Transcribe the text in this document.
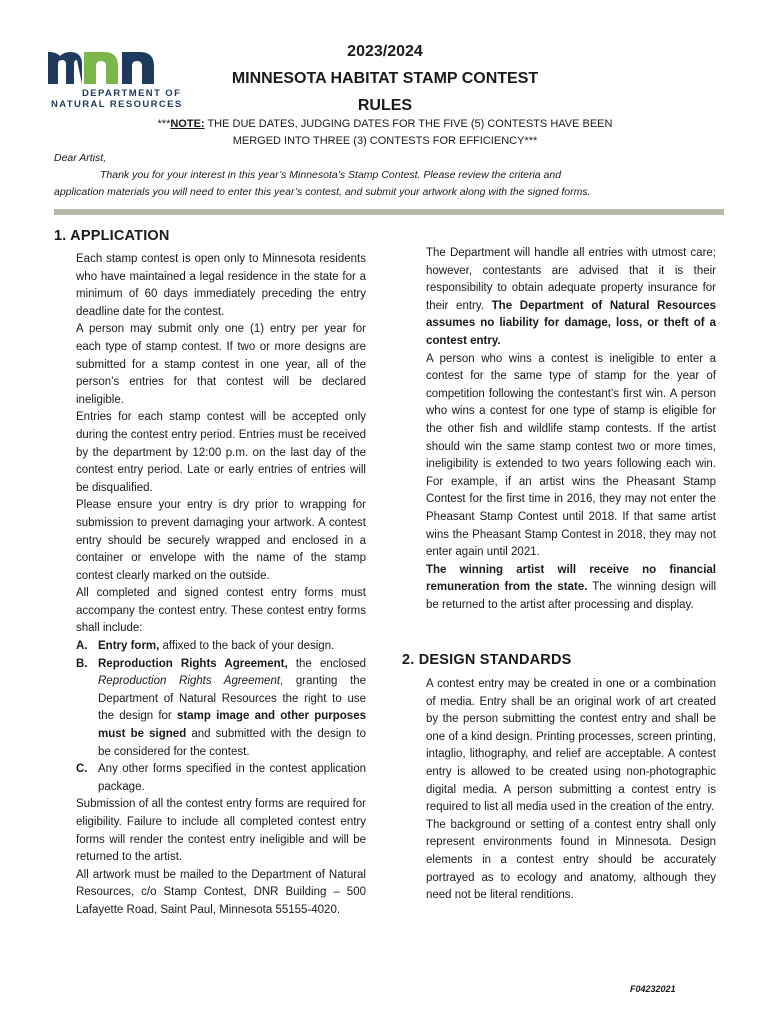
DEPARTMENT OF
NATURAL RESOURCES
2023/2024
MINNESOTA HABITAT STAMP CONTEST
RULES
***NOTE: THE DUE DATES, JUDGING DATES FOR THE FIVE (5) CONTESTS HAVE BEEN
MERGED INTO THREE (3) CONTESTS FOR EFFICIENCY***
Dear Artist,
Thank you for your interest in this year’s Minnesota’s Stamp Contest. Please review the criteria and
application materials you will need to enter this year’s contest, and submit your artwork along with the signed forms.
1. APPLICATION

Each stamp contest is open only to Minnesota residents who have maintained a legal residence in the state for a minimum of 60 days immediately preceding the entry deadline date for the contest.

A person may submit only one (1) entry per year for each type of stamp contest. If two or more designs are submitted for a stamp contest in one year, all of the person’s entries for that contest will be declared ineligible.

Entries for each stamp contest will be accepted only during the contest entry period. Entries must be received by the department by 12:00 p.m. on the last day of the contest entry period. Late or early entries of entries will be disqualified.

Please ensure your entry is dry prior to wrapping for submission to prevent damaging your artwork. A contest entry should be securely wrapped and enclosed in a container or envelope with the name of the stamp contest clearly marked on the outside.

All completed and signed contest entry forms must accompany the contest entry. These contest entry forms shall include:

A. Entry form, affixed to the back of your design.
B. Reproduction Rights Agreement, the enclosed Reproduction Rights Agreement, granting the Department of Natural Resources the right to use the design for stamp image and other purposes must be signed and submitted with the design to be considered for the contest.
C. Any other forms specified in the contest application package.

Submission of all the contest entry forms are required for eligibility. Failure to include all completed contest entry forms will render the contest entry ineligible and will be returned to the artist.

All artwork must be mailed to the Department of Natural Resources, c/o Stamp Contest, DNR Building – 500 Lafayette Road, Saint Paul, Minnesota 55155-4020.

The Department will handle all entries with utmost care; however, contestants are advised that it is their responsibility to obtain adequate property insurance for their entry. The Department of Natural Resources assumes no liability for damage, loss, or theft of a contest entry.

A person who wins a contest is ineligible to enter a contest for the same type of stamp for the year of competition following the contestant’s first win. A person who wins a contest for one type of stamp is eligible for the other fish and wildlife stamp contests. If the artist should win the same stamp contest two or more times, ineligibility is extended to two years following each win. For example, if an artist wins the Pheasant Stamp Contest for the first time in 2016, they may not enter the Pheasant Stamp Contest until 2018. If that same artist wins the Pheasant Stamp Contest in 2018, they may not enter again until 2021.

The winning artist will receive no financial remuneration from the state. The winning design will be returned to the artist after processing and display.

2. DESIGN STANDARDS

A contest entry may be created in one or a combination of media. Entry shall be an original work of art created by the person submitting the contest entry and shall be one of a kind design. Printing processes, screen printing, intaglio, lithography, and relief are acceptable. A contest entry is allowed to be created using non-photographic digital media. A person submitting a contest entry is required to list all media used in the creation of the entry.

The background or setting of a contest entry shall only represent environments found in Minnesota. Design elements in a contest entry should be accurately portrayed as to ecology and anatomy, although they need not be literal renditions.

F04232021
